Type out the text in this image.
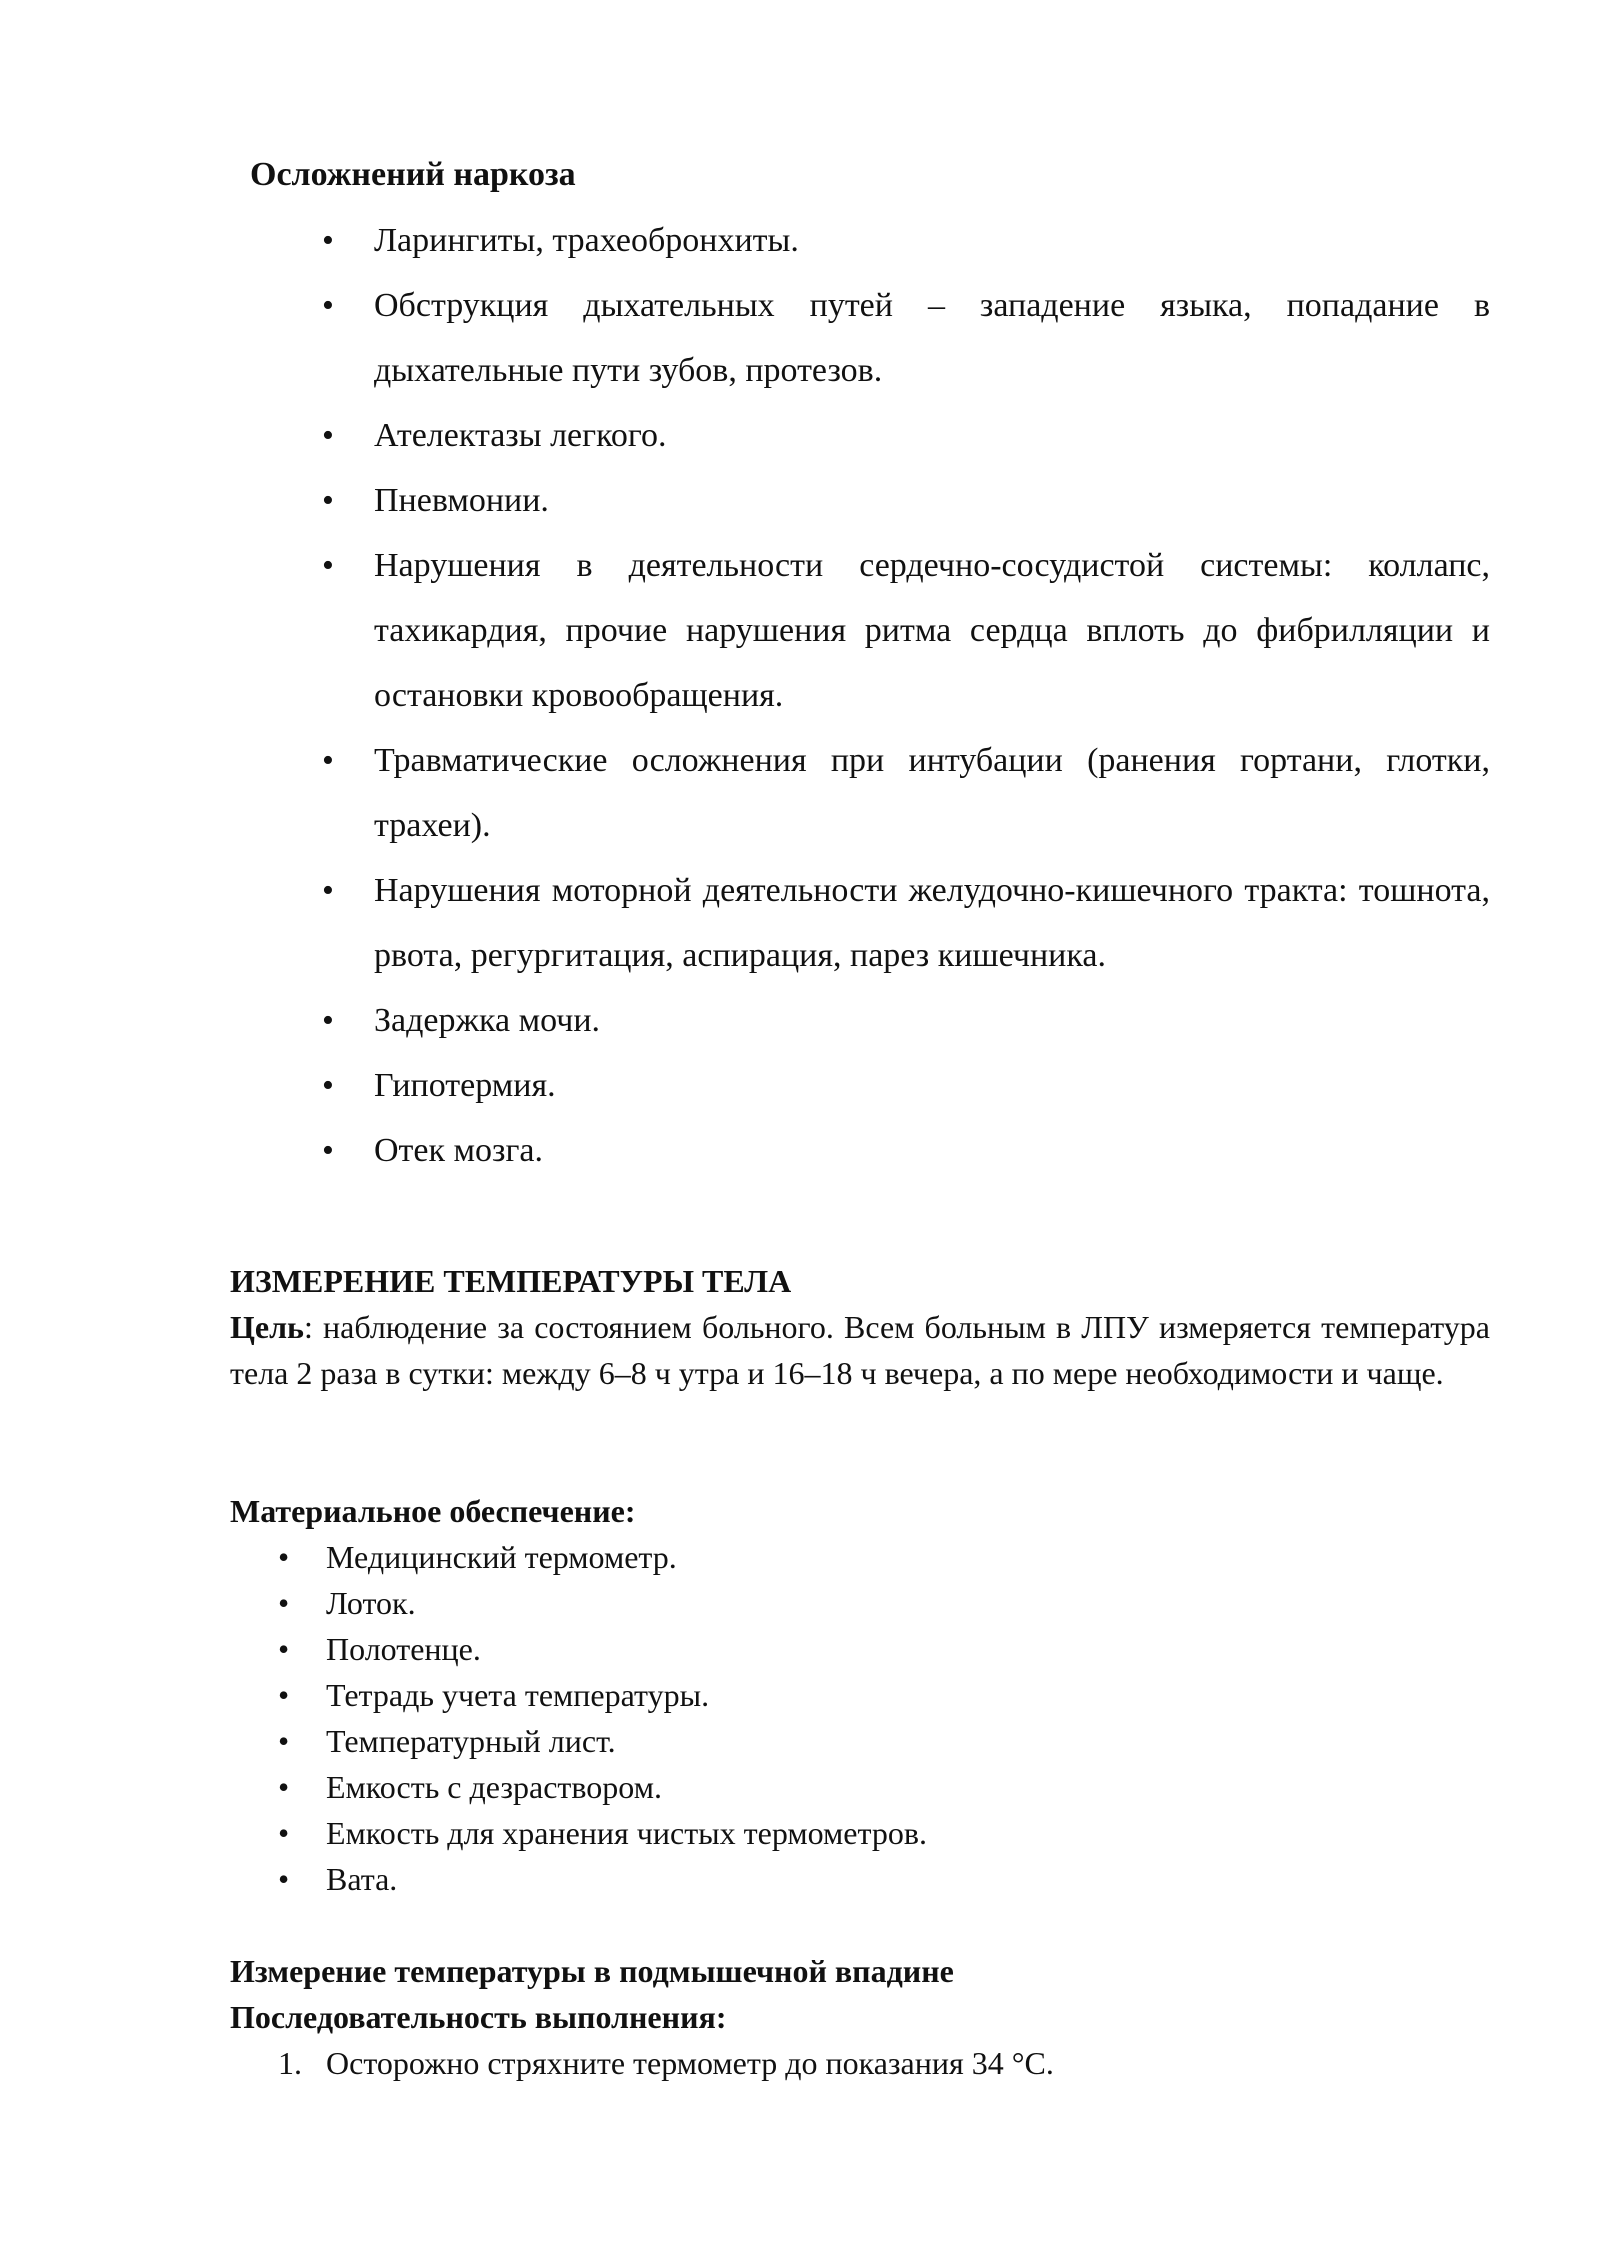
Осложнений наркоза

• Ларингиты, трахеобронхиты.
• Обструкция дыхательных путей – западение языка, попадание в дыхательные пути зубов, протезов.
• Ателектазы легкого.
• Пневмонии.
• Нарушения в деятельности сердечно-сосудистой системы: коллапс, тахикардия, прочие нарушения ритма сердца вплоть до фибрилляции и остановки кровообращения.
• Травматические осложнения при интубации (ранения гортани, глотки, трахеи).
• Нарушения моторной деятельности желудочно-кишечного тракта: тошнота, рвота, регургитация, аспирация, парез кишечника.
• Задержка мочи.
• Гипотермия.
• Отек мозга.

ИЗМЕРЕНИЕ ТЕМПЕРАТУРЫ ТЕЛА

Цель: наблюдение за состоянием больного. Всем больным в ЛПУ измеряется температура тела 2 раза в сутки: между 6–8 ч утра и 16–18 ч вечера, а по мере необходимости и чаще.

Материальное обеспечение:

• Медицинский термометр.
• Лоток.
• Полотенце.
• Тетрадь учета температуры.
• Температурный лист.
• Емкость с дезраствором.
• Емкость для хранения чистых термометров.
• Вата.

Измерение температуры в подмышечной впадине

Последовательность выполнения:

1. Осторожно стряхните термометр до показания 34 °С.
